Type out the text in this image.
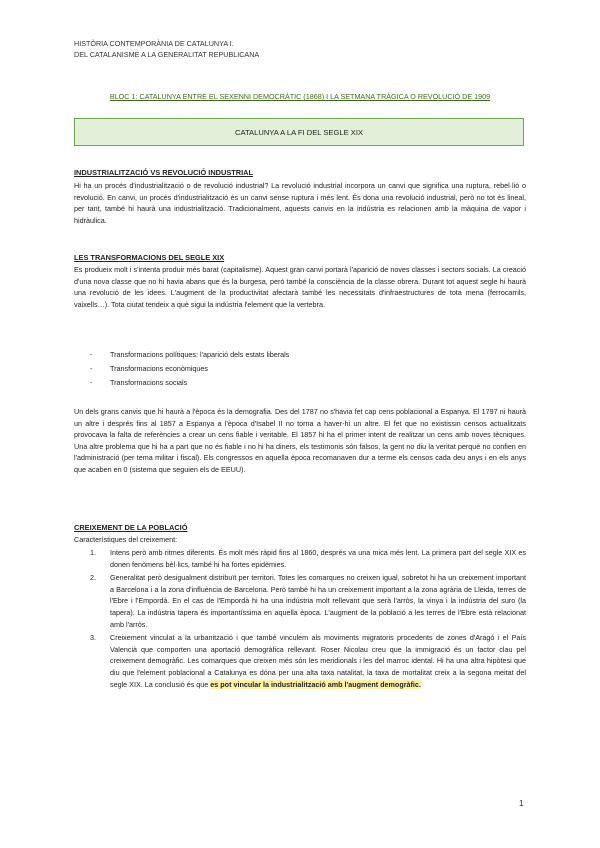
HISTÒRIA CONTEMPORÀNIA DE CATALUNYA I.
DEL CATALANISME A LA GENERALITAT REPUBLICANA
BLOC 1: CATALUNYA ENTRE EL SEXENNI DEMOCRÀTIC (1868) I LA SETMANA TRÀGICA O REVOLUCIÓ DE 1909
CATALUNYA A LA FI DEL SEGLE XIX
INDUSTRIALITZACIÓ VS REVOLUCIÓ INDUSTRIAL
Hi ha un procés d'industrialització o de revolució industrial? La revolució industrial incorpora un canvi que significa una ruptura, rebel·lió o revolució. En canvi, un procés d'industrialització és un canvi sense ruptura i més lent. És dona una revolució industrial, però no tot és lineal, per tant, també hi haurà una industrialització. Tradicionalment, aquests canvis en la indústria es relacionen amb la màquina de vapor i hidràulica.
LES TRANSFORMACIONS DEL SEGLE XIX
Es produeix molt i s'intenta produir més barat (capitalisme). Aquest gran canvi portarà l'aparició de noves classes i sectors socials. La creació d'una nova classe que no hi havia abans que és la burgesa, però també la consciència de la classe obrera. Durant tot aquest segle hi haurà una revolució de les idees. L'augment de la productivitat afectarà també les necessitats d'infraestructures de tota mena (ferrocarrils, vaixells…). Tota ciutat tendeix a què sigui la indústria l'element que la vertebra.
- Transformacions polítiques: l'aparició dels estats liberals
- Transformacions econòmiques
- Transformacions socials
Un dels grans canvis que hi haurà a l'època és la demografia. Des del 1787 no s'havia fet cap cens poblacional a Espanya. El 1797 ni haurà un altre i després fins al 1857 a Espanya a l'època d'Isabel II no torna a haver-hi un altre. El fet que no existissin censos actualitzats provocava la falta de referències a crear un cens fiable i veritable. El 1857 hi ha el primer intent de realitzar un cens amb noves tècniques. Una altre problema que hi ha a part que no és fiable i no hi ha diners, els testimonis són falsos, la gent no diu la veritat perquè no confien en l'administració (per tema militar i fiscal). Els congressos en aquella època recomanaven dur a terme els censos cada deu anys i en els anys que acaben en 0 (sistema que seguien els de EEUU).
CREIXEMENT DE LA POBLACIÓ
Característiques del creixement:
1. Intens però amb ritmes diferents. És molt més ràpid fins al 1860, després va una mica més lent. La primera part del segle XIX es donen fenòmens bèl·lics, també hi ha fortes epidèmies.
2. Generalitat però desigualment distribuït per territori. Totes les comarques no creixen igual, sobretot hi ha un creixement important a Barcelona i a la zona d'influència de Barcelona. Però també hi ha un creixement important a la zona agrària de Lleida, terres de l'Ebre i l'Empordà. En el cas de l'Empordà hi ha una indústria molt rellevant que serà l'arròs, la vinya i la indústria del suro (la tapera). La indústria tapera és importantíssima en aquella època. L'augment de la població a les terres de l'Ebre està relacionat amb l'arròs.
3. Creixement vinculat a la urbanització i que també vinculem als moviments migratoris procedents de zones d'Aragó i el País Valencià que comporten una aportació demogràfica rellevant. Roser Nicolau creu que la immigració és un factor clau pel creixement demogràfic. Les comarques que creixen més són les meridionals i les del marroc idental. Hi ha una altra hipòtesi que diu que l'element poblacional a Catalunya es dóna per una alta taxa natalitat, la taxa de mortalitat creix a la segona meitat del segle XIX. La conclusió és que es pot vincular la industrialització amb l'augment demogràfic.
1
